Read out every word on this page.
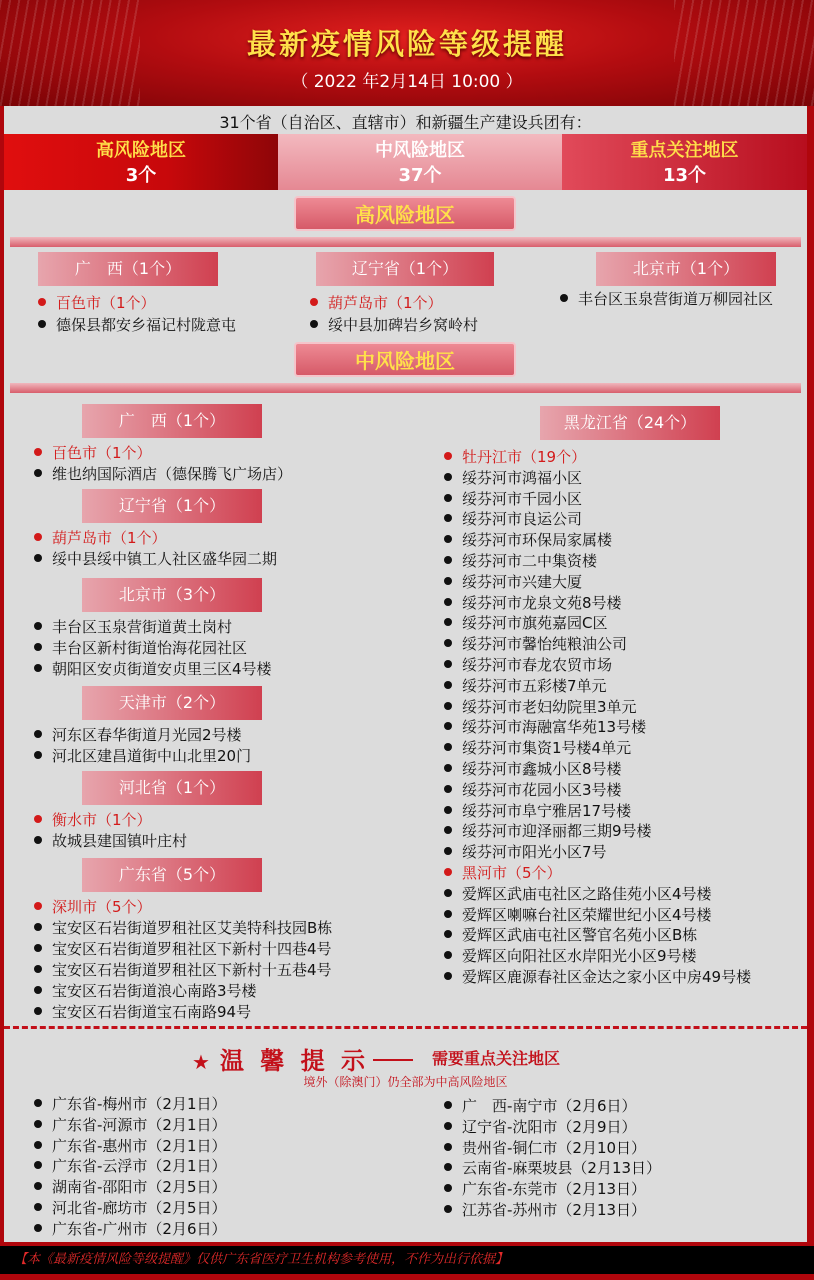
最新疫情风险等级提醒
（ 2022 年2月14日 10:00 ）
31个省（自治区、直辖市）和新疆生产建设兵团有：
高风险地区
3个
中风险地区
37个
重点关注地区
13个
高风险地区
广　西（1个）	辽宁省（1个）	北京市（1个）
百色市（1个）
德保县都安乡福记村陇意屯
葫芦岛市（1个）
绥中县加碑岩乡窝岭村
丰台区玉泉营街道万柳园社区
中风险地区
广　西（1个）
百色市（1个）
维也纳国际酒店（德保腾飞广场店）
辽宁省（1个）
葫芦岛市（1个）
绥中县绥中镇工人社区盛华园二期
北京市（3个）
丰台区玉泉营街道黄土岗村
丰台区新村街道怡海花园社区
朝阳区安贞街道安贞里三区4号楼
天津市（2个）
河东区春华街道月光园2号楼
河北区建昌道街中山北里20门
河北省（1个）
衡水市（1个）
故城县建国镇叶庄村
广东省（5个）
深圳市（5个）
宝安区石岩街道罗租社区艾美特科技园B栋
宝安区石岩街道罗租社区下新村十四巷4号
宝安区石岩街道罗租社区下新村十五巷4号
宝安区石岩街道浪心南路3号楼
宝安区石岩街道宝石南路94号
黑龙江省（24个）
牡丹江市（19个）
绥芬河市鸿福小区
绥芬河市千园小区
绥芬河市良运公司
绥芬河市环保局家属楼
绥芬河市二中集资楼
绥芬河市兴建大厦
绥芬河市龙泉文苑8号楼
绥芬河市旗苑嘉园C区
绥芬河市馨怡纯粮油公司
绥芬河市春龙农贸市场
绥芬河市五彩楼7单元
绥芬河市老妇幼院里3单元
绥芬河市海融富华苑13号楼
绥芬河市集资1号楼4单元
绥芬河市鑫城小区8号楼
绥芬河市花园小区3号楼
绥芬河市阜宁雅居17号楼
绥芬河市迎泽丽都三期9号楼
绥芬河市阳光小区7号
黑河市（5个）
爱辉区武庙屯社区之路佳苑小区4号楼
爱辉区喇嘛台社区荣耀世纪小区4号楼
爱辉区武庙屯社区警官名苑小区B栋
爱辉区向阳社区水岸阳光小区9号楼
爱辉区鹿源春社区金达之家小区中房49号楼
★ 温 馨 提 示	需要重点关注地区
境外（除澳门）仍全部为中高风险地区
广东省-梅州市（2月1日）
广东省-河源市（2月1日）
广东省-惠州市（2月1日）
广东省-云浮市（2月1日）
湖南省-邵阳市（2月5日）
河北省-廊坊市（2月5日）
广东省-广州市（2月6日）
广　西-南宁市（2月6日）
辽宁省-沈阳市（2月9日）
贵州省-铜仁市（2月10日）
云南省-麻栗坡县（2月13日）
广东省-东莞市（2月13日）
江苏省-苏州市（2月13日）
【本《最新疫情风险等级提醒》仅供广东省医疗卫生机构参考使用，不作为出行依据】
